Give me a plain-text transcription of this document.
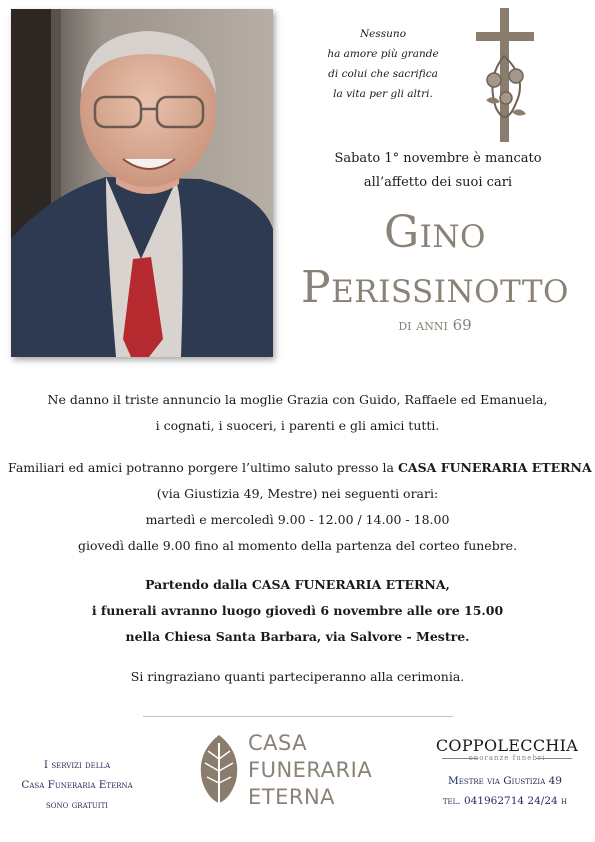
Nessuno
ha amore più grande
di colui che sacrifica
la vita per gli altri.
Sabato 1° novembre è mancato
all’affetto dei suoi cari
Gino
Perissinotto
di anni 69
Ne danno il triste annuncio la moglie Grazia con Guido, Raffaele ed Emanuela,
i cognati, i suoceri, i parenti e gli amici tutti.
Familiari ed amici potranno porgere l’ultimo saluto presso la CASA FUNERARIA ETERNA
(via Giustizia 49, Mestre) nei seguenti orari:
martedì e mercoledì 9.00 - 12.00 / 14.00 - 18.00
giovedì dalle 9.00 fino al momento della partenza del corteo funebre.
Partendo dalla CASA FUNERARIA ETERNA,
i funerali avranno luogo giovedì 6 novembre alle ore 15.00
nella Chiesa Santa Barbara, via Salvore - Mestre.
Si ringraziano quanti parteciperanno alla cerimonia.
I servizi della
Casa Funeraria Eterna
sono gratuiti
CASA
FUNERARIA
ETERNA
COPPOLECCHIA
onoranze funebri
Mestre via Giustizia 49
tel. 041962714 24/24 h
